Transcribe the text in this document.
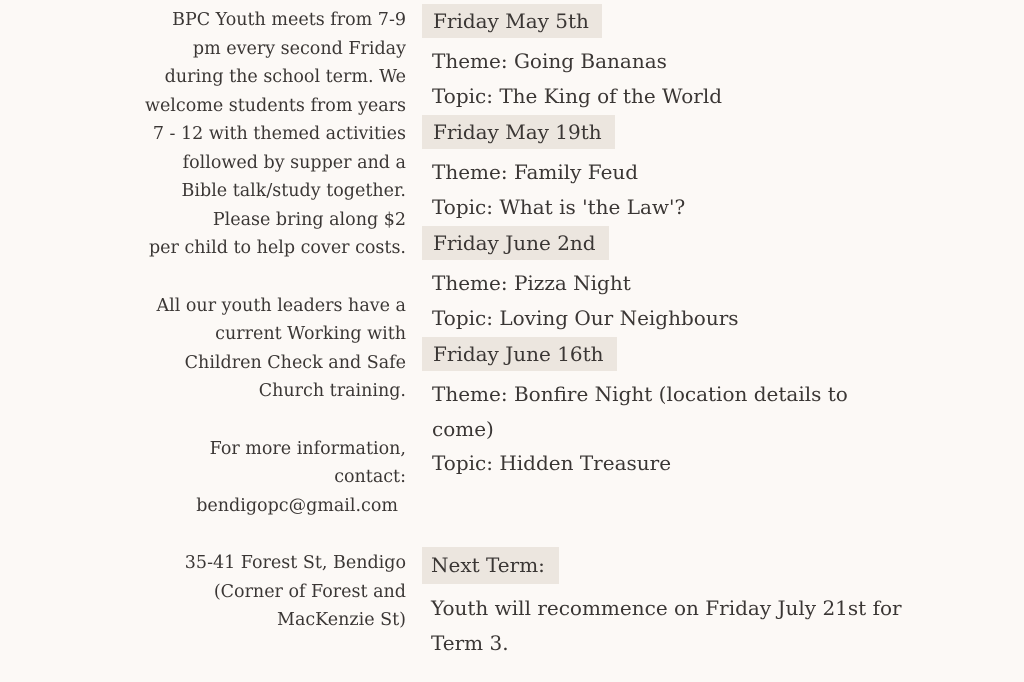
BPC Youth meets from 7-9
pm every second Friday
during the school term. We
welcome students from years
7 - 12 with themed activities
followed by supper and a
Bible talk/study together.
Please bring along $2
per child to help cover costs.
All our youth leaders have a
current Working with
Children Check and Safe
Church training.
For more information,
contact:
bendigopc@gmail.com
35-41 Forest St, Bendigo
(Corner of Forest and
MacKenzie St)
Friday May 5th
Theme: Going Bananas
Topic: The King of the World
Friday May 19th
Theme: Family Feud
Topic: What is 'the Law'?
Friday June 2nd
Theme: Pizza Night
Topic: Loving Our Neighbours
Friday June 16th
Theme: Bonfire Night (location details to come)
Topic: Hidden Treasure
Next Term:
Youth will recommence on Friday July 21st for Term 3.
